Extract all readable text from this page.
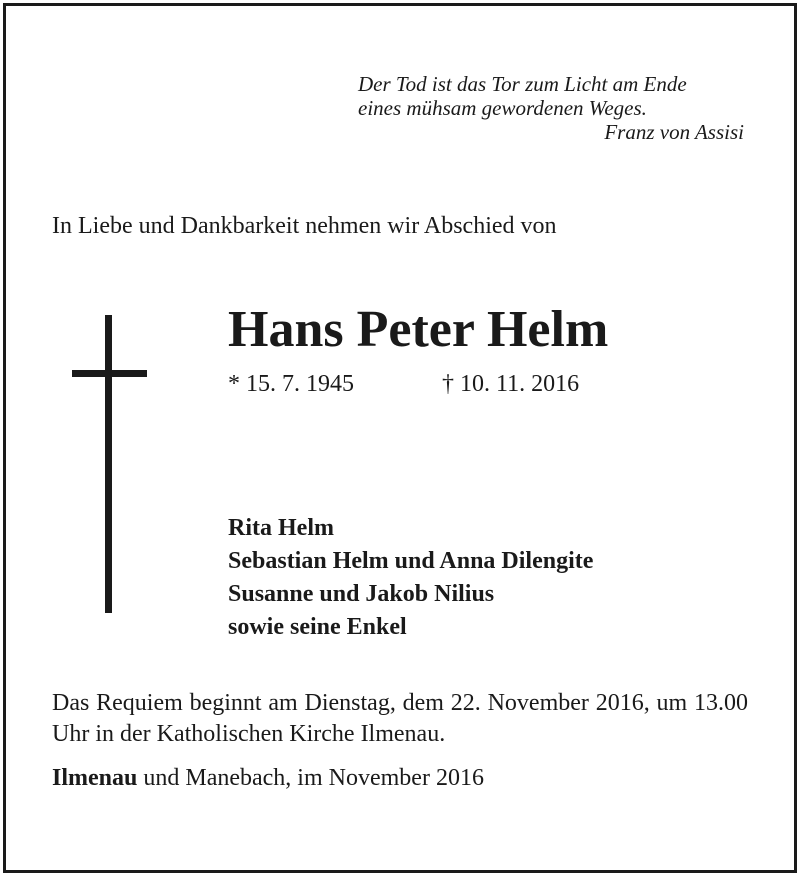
Der Tod ist das Tor zum Licht am Ende
eines mühsam gewordenen Weges.
Franz von Assisi
In Liebe und Dankbarkeit nehmen wir Abschied von
Hans Peter Helm
* 15. 7. 1945	† 10. 11. 2016
Rita Helm
Sebastian Helm und Anna Dilengite
Susanne und Jakob Nilius
sowie seine Enkel
Das Requiem beginnt am Dienstag, dem 22. November 2016, um 13.00 Uhr in der Katholischen Kirche Ilmenau.
Ilmenau und Manebach, im November 2016
